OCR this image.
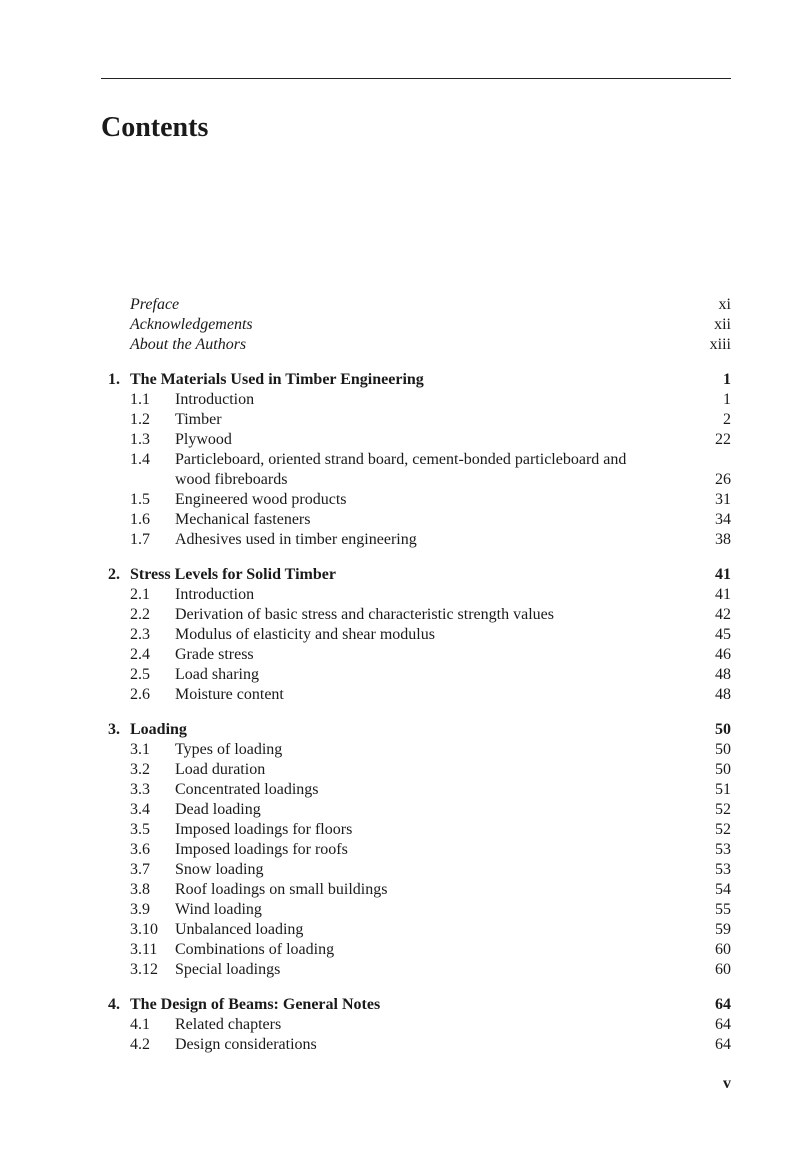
Contents
Preface	xi
Acknowledgements	xii
About the Authors	xiii
1. The Materials Used in Timber Engineering	1
1.1 Introduction	1
1.2 Timber	2
1.3 Plywood	22
1.4 Particleboard, oriented strand board, cement-bonded particleboard and
wood fibreboards	26
1.5 Engineered wood products	31
1.6 Mechanical fasteners	34
1.7 Adhesives used in timber engineering	38
2. Stress Levels for Solid Timber	41
2.1 Introduction	41
2.2 Derivation of basic stress and characteristic strength values	42
2.3 Modulus of elasticity and shear modulus	45
2.4 Grade stress	46
2.5 Load sharing	48
2.6 Moisture content	48
3. Loading	50
3.1 Types of loading	50
3.2 Load duration	50
3.3 Concentrated loadings	51
3.4 Dead loading	52
3.5 Imposed loadings for floors	52
3.6 Imposed loadings for roofs	53
3.7 Snow loading	53
3.8 Roof loadings on small buildings	54
3.9 Wind loading	55
3.10 Unbalanced loading	59
3.11 Combinations of loading	60
3.12 Special loadings	60
4. The Design of Beams: General Notes	64
4.1 Related chapters	64
4.2 Design considerations	64
v
